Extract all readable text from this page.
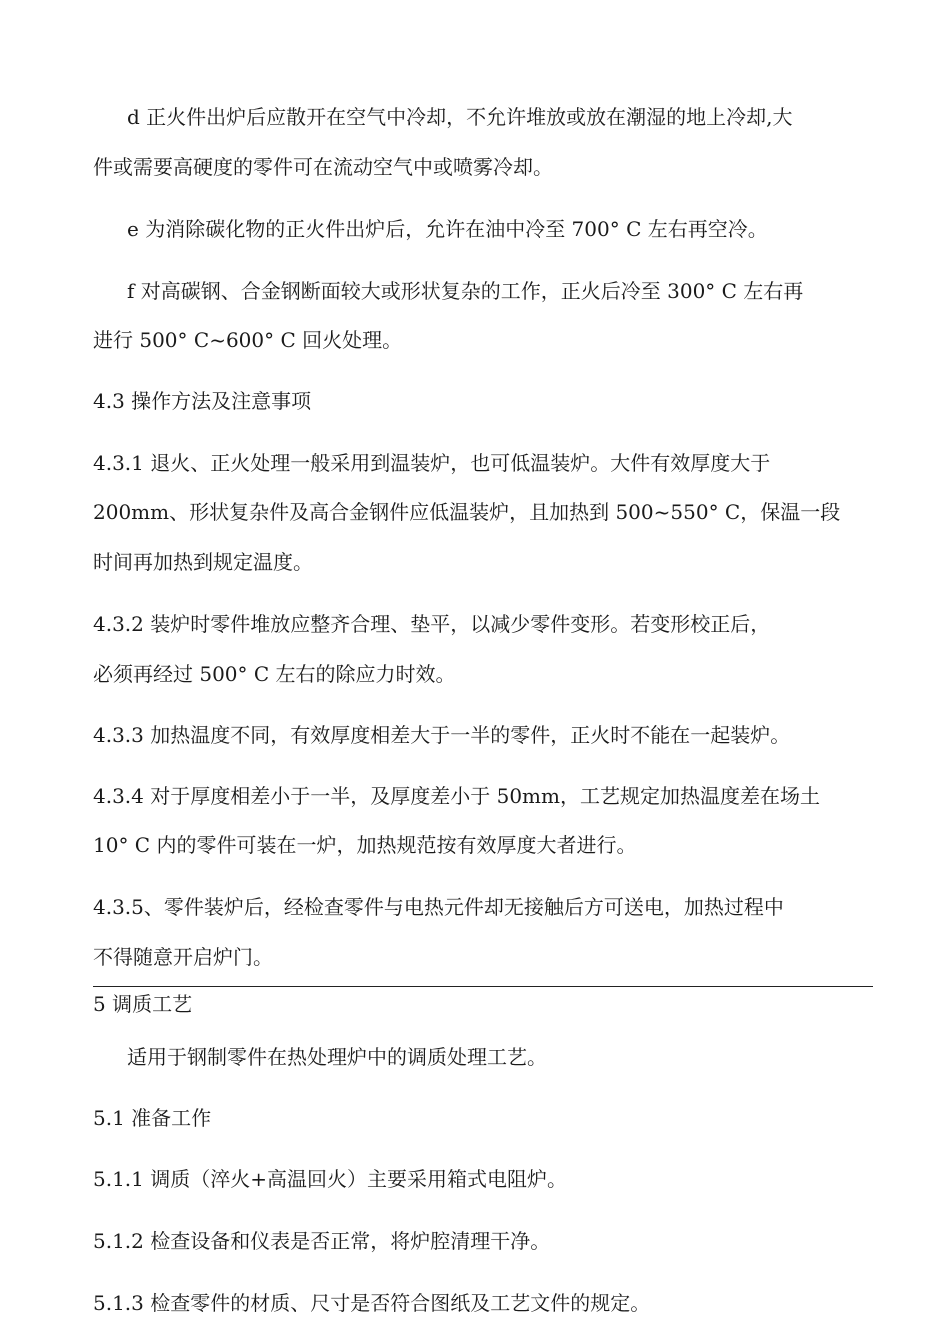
d 正火件出炉后应散开在空气中冷却，不允许堆放或放在潮湿的地上冷却,大
件或需要高硬度的零件可在流动空气中或喷雾冷却。
e 为消除碳化物的正火件出炉后，允许在油中冷至 700° C 左右再空冷。
f 对高碳钢、合金钢断面较大或形状复杂的工作，正火后冷至 300° C 左右再
进行 500° C~600° C 回火处理。
4.3 操作方法及注意事项
4.3.1 退火、正火处理一般采用到温装炉，也可低温装炉。大件有效厚度大于
200mm、形状复杂件及高合金钢件应低温装炉，且加热到 500~550° C，保温一段
时间再加热到规定温度。
4.3.2 装炉时零件堆放应整齐合理、垫平，以减少零件变形。若变形校正后，
必须再经过 500° C 左右的除应力时效。
4.3.3 加热温度不同，有效厚度相差大于一半的零件，正火时不能在一起装炉。
4.3.4 对于厚度相差小于一半，及厚度差小于 50mm，工艺规定加热温度差在场土
10° C 内的零件可装在一炉，加热规范按有效厚度大者进行。
4.3.5、零件装炉后，经检查零件与电热元件却无接触后方可送电，加热过程中
不得随意开启炉门。
5 调质工艺
适用于钢制零件在热处理炉中的调质处理工艺。
5.1 准备工作
5.1.1 调质（淬火+高温回火）主要采用箱式电阻炉。
5.1.2 检查设备和仪表是否正常，将炉腔清理干净。
5.1.3 检查零件的材质、尺寸是否符合图纸及工艺文件的规定。
